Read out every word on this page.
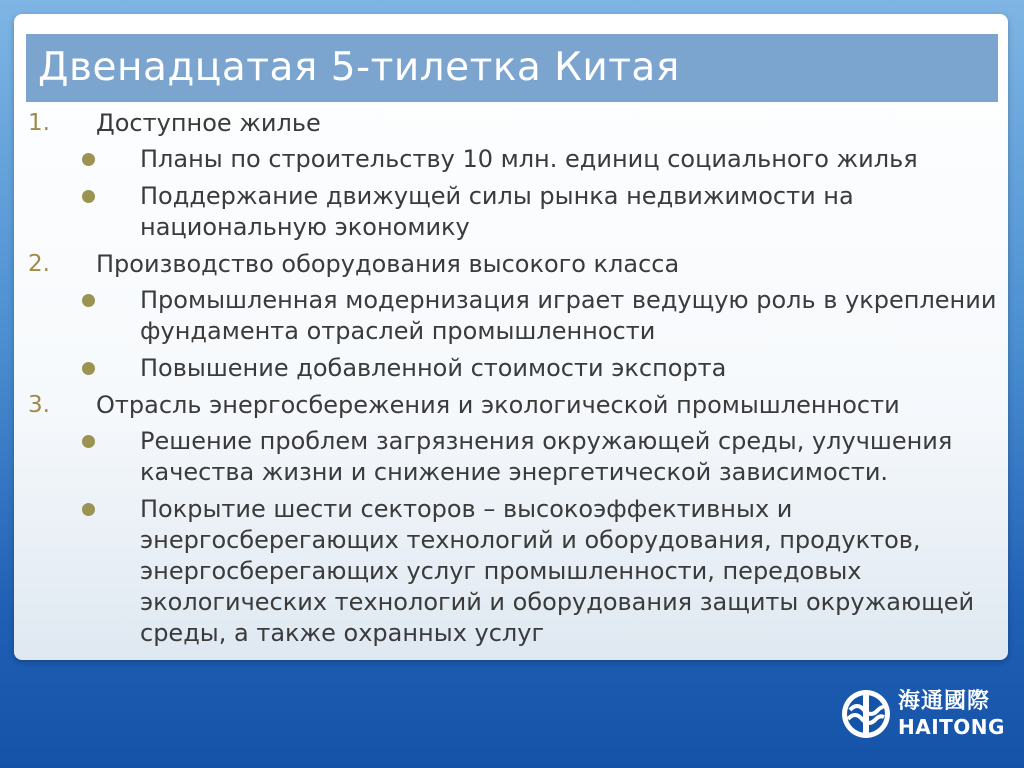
Двенадцатая 5-тилетка Китая
1. Доступное жилье
Планы по строительству 10 млн. единиц социального жилья
Поддержание движущей силы рынка недвижимости на национальную экономику
2. Производство оборудования высокого класса
Промышленная модернизация играет ведущую роль в укреплении фундамента отраслей промышленности
Повышение добавленной стоимости экспорта
3. Отрасль энергосбережения и экологической промышленности
Решение проблем загрязнения окружающей среды, улучшения качества жизни и снижение энергетической зависимости.
Покрытие шести секторов – высокоэффективных и энергосберегающих технологий и оборудования, продуктов, энергосберегающих услуг промышленности, передовых экологических технологий и оборудования защиты окружающей среды, а также охранных услуг
海通國際
HAITONG
